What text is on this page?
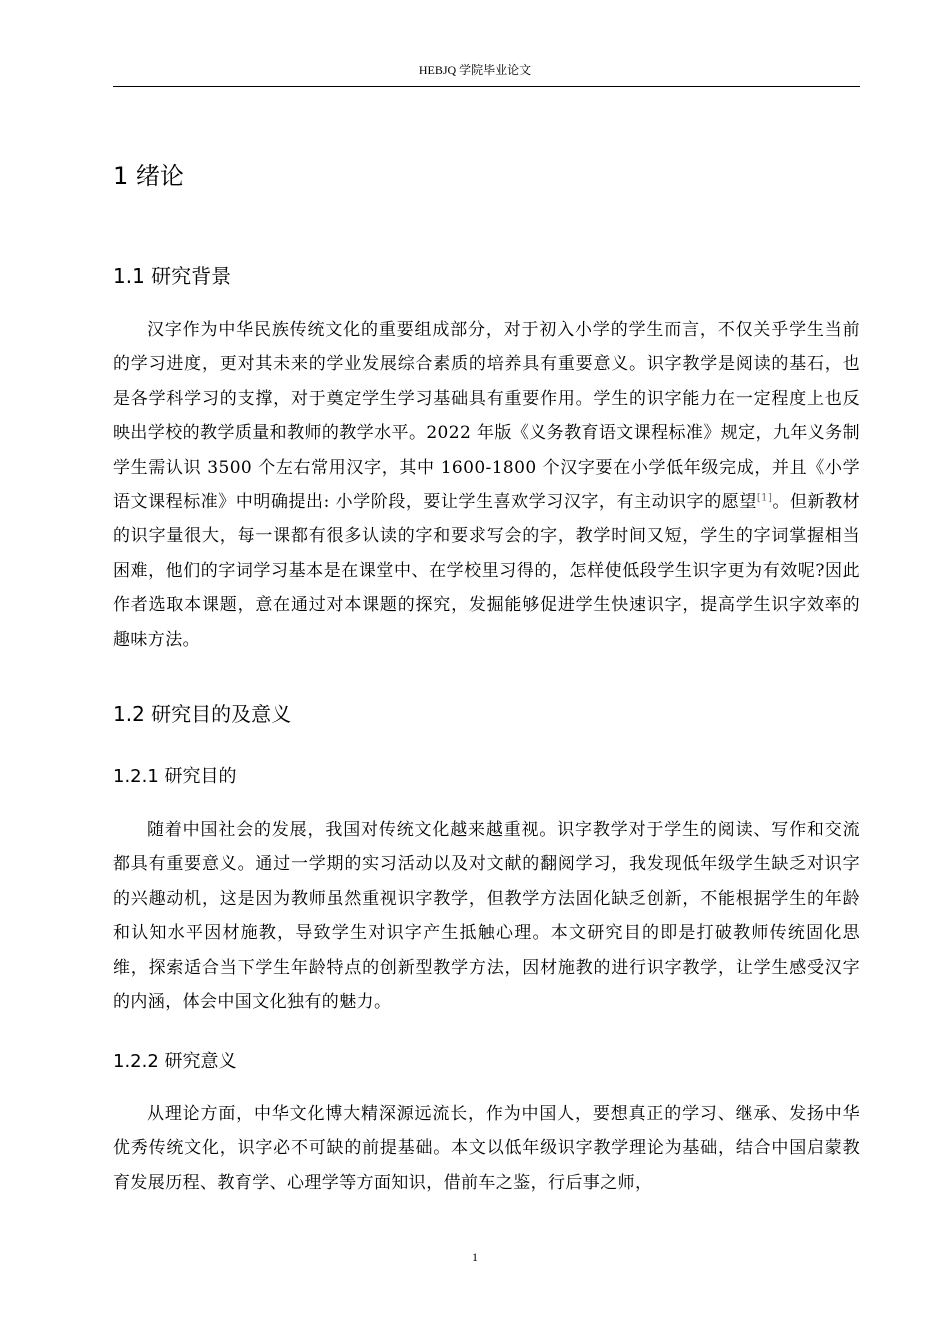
HEBJQ 学院毕业论文
1 绪论
1.1 研究背景

汉字作为中华民族传统文化的重要组成部分，对于初入小学的学生而言，不仅关乎学生当前的学习进度，更对其未来的学业发展综合素质的培养具有重要意义。识字教学是阅读的基石，也是各学科学习的支撑，对于奠定学生学习基础具有重要作用。学生的识字能力在一定程度上也反映出学校的教学质量和教师的教学水平。2022 年版《义务教育语文课程标准》规定，九年义务制学生需认识 3500 个左右常用汉字，其中 1600-1800 个汉字要在小学低年级完成，并且《小学语文课程标准》中明确提出: 小学阶段，要让学生喜欢学习汉字，有主动识字的愿望[1]。但新教材的识字量很大，每一课都有很多认读的字和要求写会的字，教学时间又短，学生的字词掌握相当困难，他们的字词学习基本是在课堂中、在学校里习得的，怎样使低段学生识字更为有效呢?因此作者选取本课题，意在通过对本课题的探究，发掘能够促进学生快速识字，提高学生识字效率的趣味方法。

1.2 研究目的及意义
1.2.1 研究目的

随着中国社会的发展，我国对传统文化越来越重视。识字教学对于学生的阅读、写作和交流都具有重要意义。通过一学期的实习活动以及对文献的翻阅学习，我发现低年级学生缺乏对识字的兴趣动机，这是因为教师虽然重视识字教学，但教学方法固化缺乏创新，不能根据学生的年龄和认知水平因材施教，导致学生对识字产生抵触心理。本文研究目的即是打破教师传统固化思维，探索适合当下学生年龄特点的创新型教学方法，因材施教的进行识字教学，让学生感受汉字的内涵，体会中国文化独有的魅力。

1.2.2 研究意义

从理论方面，中华文化博大精深源远流长，作为中国人，要想真正的学习、继承、发扬中华优秀传统文化，识字必不可缺的前提基础。本文以低年级识字教学理论为基础，结合中国启蒙教育发展历程、教育学、心理学等方面知识，借前车之鉴，行后事之师，

1
